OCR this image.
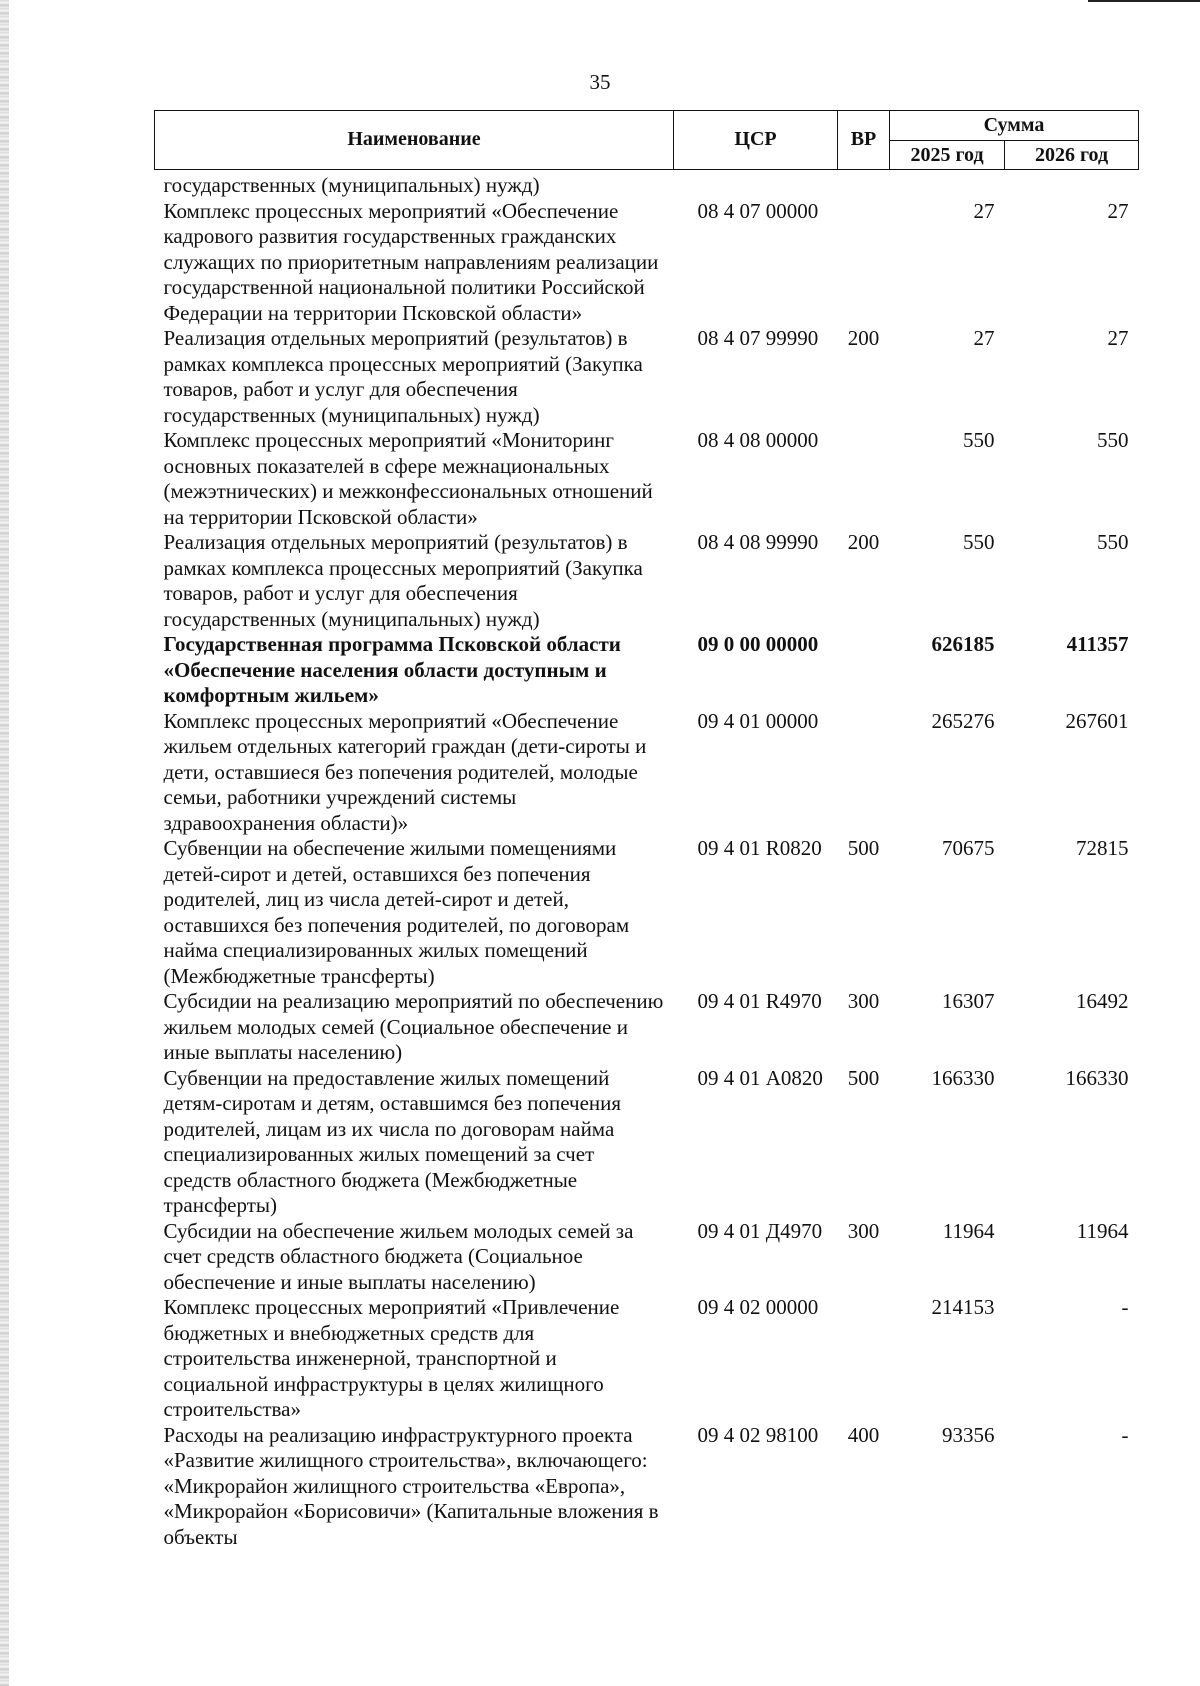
35
Наименование	ЦСР	ВР	Сумма	
			2025 год	2026 год
государственных (муниципальных) нужд)				
Комплекс процессных мероприятий «Обеспечение кадрового развития государственных гражданских служащих по приоритетным направлениям реализации государственной национальной политики Российской Федерации на территории Псковской области»	08 4 07 00000		27	27
Реализация отдельных мероприятий (результатов) в рамках комплекса процессных мероприятий (Закупка товаров, работ и услуг для обеспечения государственных (муниципальных) нужд)	08 4 07 99990	200	27	27
Комплекс процессных мероприятий «Мониторинг основных показателей в сфере межнациональных (межэтнических) и межконфессиональных отношений на территории Псковской области»	08 4 08 00000		550	550
Реализация отдельных мероприятий (результатов) в рамках комплекса процессных мероприятий (Закупка товаров, работ и услуг для обеспечения государственных (муниципальных) нужд)	08 4 08 99990	200	550	550
Государственная программа Псковской области «Обеспечение населения области доступным и комфортным жильем»	09 0 00 00000		626185	411357
Комплекс процессных мероприятий «Обеспечение жильем отдельных категорий граждан (дети-сироты и дети, оставшиеся без попечения родителей, молодые семьи, работники учреждений системы здравоохранения области)»	09 4 01 00000		265276	267601
Субвенции на обеспечение жилыми помещениями детей-сирот и детей, оставшихся без попечения родителей, лиц из числа детей-сирот и детей, оставшихся без попечения родителей, по договорам найма специализированных жилых помещений (Межбюджетные трансферты)	09 4 01 R0820	500	70675	72815
Субсидии на реализацию мероприятий по обеспечению жильем молодых семей (Социальное обеспечение и иные выплаты населению)	09 4 01 R4970	300	16307	16492
Субвенции на предоставление жилых помещений детям-сиротам и детям, оставшимся без попечения родителей, лицам из их числа по договорам найма специализированных жилых помещений за счет средств областного бюджета (Межбюджетные трансферты)	09 4 01 А0820	500	166330	166330
Субсидии на обеспечение жильем молодых семей за счет средств областного бюджета (Социальное обеспечение и иные выплаты населению)	09 4 01 Д4970	300	11964	11964
Комплекс процессных мероприятий «Привлечение бюджетных и внебюджетных средств для строительства инженерной, транспортной и социальной инфраструктуры в целях жилищного строительства»	09 4 02 00000		214153	-
Расходы на реализацию инфраструктурного проекта «Развитие жилищного строительства», включающего: «Микрорайон жилищного строительства «Европа», «Микрорайон «Борисовичи» (Капитальные вложения в объекты	09 4 02 98100	400	93356	-
